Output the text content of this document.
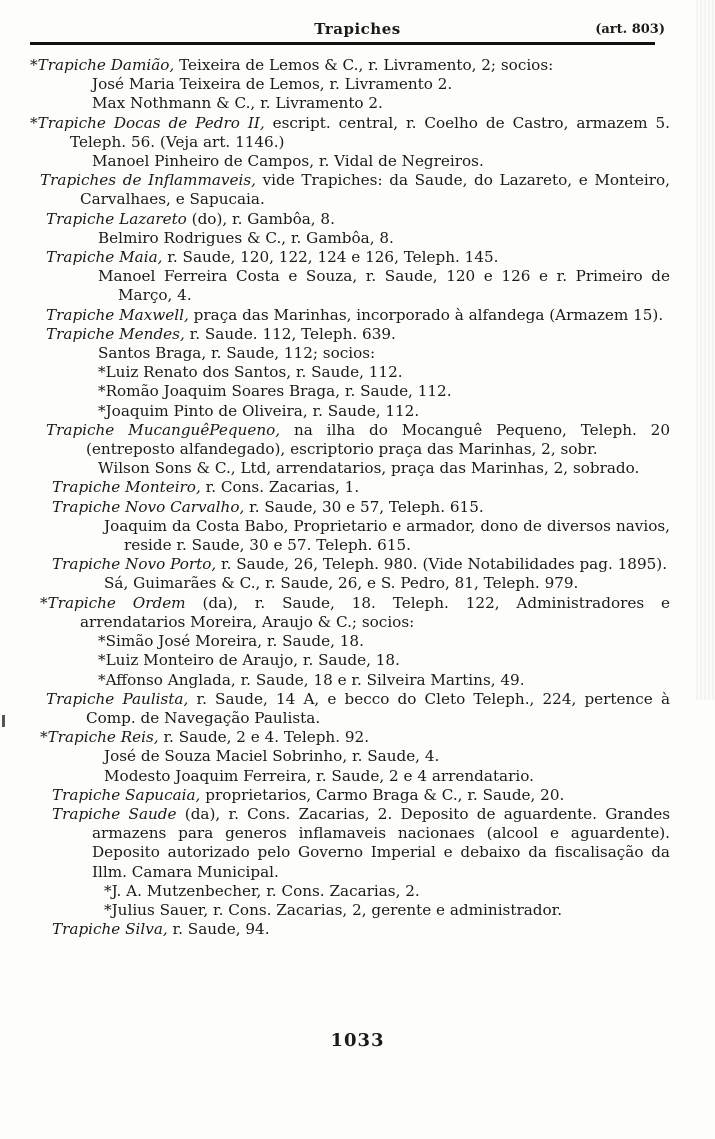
Trapiches	(art. 803)

*Trapiche Damião, Teixeira de Lemos & C., r. Livramento, 2; socios:

José Maria Teixeira de Lemos, r. Livramento 2.

Max Nothmann & C., r. Livramento 2.

*Trapiche Docas de Pedro II, escript. central, r. Coelho de Castro, armazem 5. Teleph. 56. (Veja art. 1146.)

Manoel Pinheiro de Campos, r. Vidal de Negreiros.

Trapiches de Inflammaveis, vide Trapiches: da Saude, do Lazareto, e Monteiro, Carvalhaes, e Sapucaia.

Trapiche Lazareto (do), r. Gambôa, 8.

Belmiro Rodrigues & C., r. Gambôa, 8.

Trapiche Maia, r. Saude, 120, 122, 124 e 126, Teleph. 145.

Manoel Ferreira Costa e Souza, r. Saude, 120 e 126 e r. Primeiro de Março, 4.

Trapiche Maxwell, praça das Marinhas, incorporado à alfandega (Armazem 15).

Trapiche Mendes, r. Saude. 112, Teleph. 639.

Santos Braga, r. Saude, 112; socios:

*Luiz Renato dos Santos, r. Saude, 112.

*Romão Joaquim Soares Braga, r. Saude, 112.

*Joaquim Pinto de Oliveira, r. Saude, 112.

Trapiche MucanguêPequeno, na ilha do Mocanguê Pequeno, Teleph. 20 (entreposto alfandegado), escriptorio praça das Marinhas, 2, sobr.

Wilson Sons & C., Ltd, arrendatarios, praça das Marinhas, 2, sobrado.

Trapiche Monteiro, r. Cons. Zacarias, 1.

Trapiche Novo Carvalho, r. Saude, 30 e 57, Teleph. 615.

Joaquim da Costa Babo, Proprietario e armador, dono de diversos navios, reside r. Saude, 30 e 57. Teleph. 615.

Trapiche Novo Porto, r. Saude, 26, Teleph. 980. (Vide Notabilidades pag. 1895).

Sá, Guimarães & C., r. Saude, 26, e S. Pedro, 81, Teleph. 979.

*Trapiche Ordem (da), r. Saude, 18. Teleph. 122, Administradores e arrendatarios Moreira, Araujo & C.; socios:

*Simão José Moreira, r. Saude, 18.

*Luiz Monteiro de Araujo, r. Saude, 18.

*Affonso Anglada, r. Saude, 18 e r. Silveira Martins, 49.

Trapiche Paulista, r. Saude, 14 A, e becco do Cleto Teleph., 224, pertence à Comp. de Navegação Paulista.

*Trapiche Reis, r. Saude, 2 e 4. Teleph. 92.

José de Souza Maciel Sobrinho, r. Saude, 4.

Modesto Joaquim Ferreira, r. Saude, 2 e 4 arrendatario.

Trapiche Sapucaia, proprietarios, Carmo Braga & C., r. Saude, 20.

Trapiche Saude (da), r. Cons. Zacarias, 2. Deposito de aguardente. Grandes armazens para generos inflamaveis nacionaes (alcool e aguardente). Deposito autorizado pelo Governo Imperial e debaixo da fiscalisação da Illm. Camara Municipal.

*J. A. Mutzenbecher, r. Cons. Zacarias, 2.

*Julius Sauer, r. Cons. Zacarias, 2, gerente e administrador.

Trapiche Silva, r. Saude, 94.

1033
